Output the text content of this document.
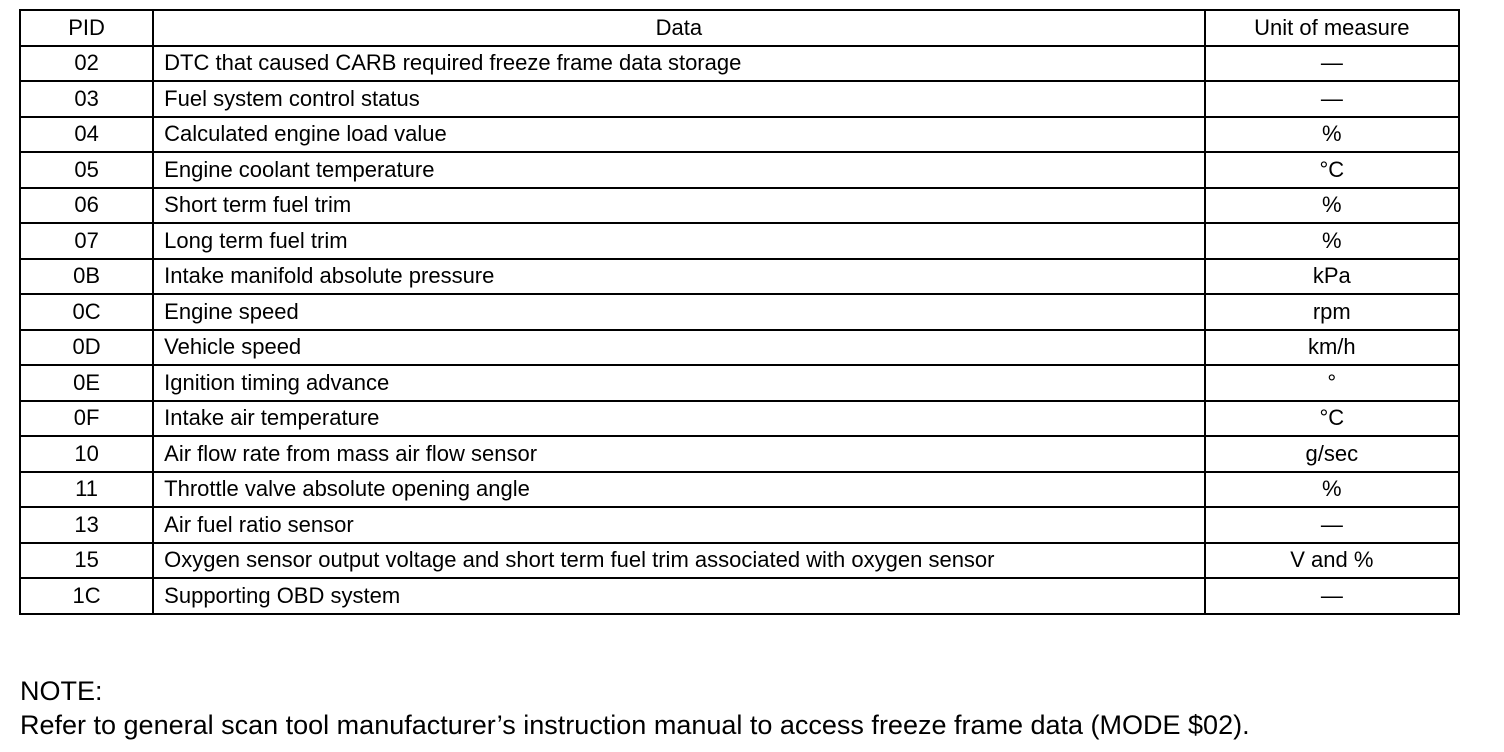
PID	Data	Unit of measure
02	DTC that caused CARB required freeze frame data storage	—
03	Fuel system control status	—
04	Calculated engine load value	%
05	Engine coolant temperature	°C
06	Short term fuel trim	%
07	Long term fuel trim	%
0B	Intake manifold absolute pressure	kPa
0C	Engine speed	rpm
0D	Vehicle speed	km/h
0E	Ignition timing advance	°
0F	Intake air temperature	°C
10	Air flow rate from mass air flow sensor	g/sec
11	Throttle valve absolute opening angle	%
13	Air fuel ratio sensor	—
15	Oxygen sensor output voltage and short term fuel trim associated with oxygen sensor	V and %
1C	Supporting OBD system	—
NOTE:
Refer to general scan tool manufacturer’s instruction manual to access freeze frame data (MODE $02).
